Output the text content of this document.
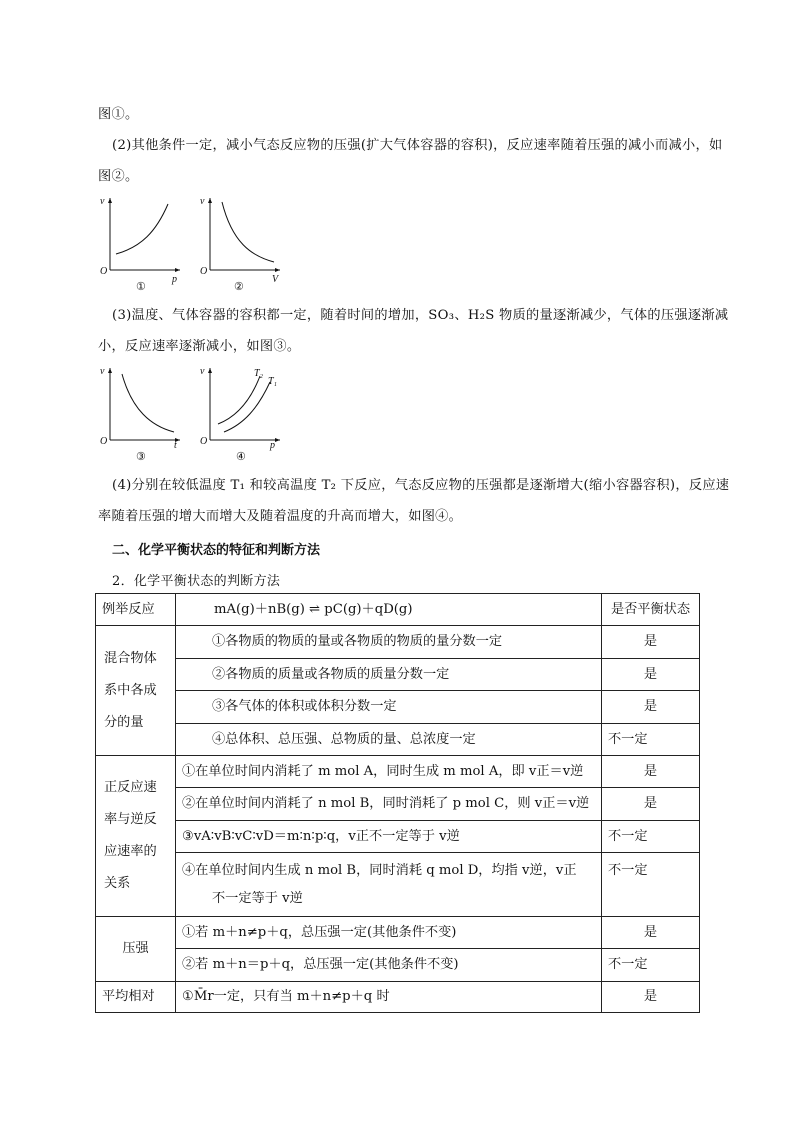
图①。
(2)其他条件一定，减小气态反应物的压强(扩大气体容器的容积)，反应速率随着压强的减小而减小，如
图②。
v
O
p
①
v
O
V
②
(3)温度、气体容器的容积都一定，随着时间的增加，SO₃、H₂S 物质的量逐渐减少，气体的压强逐渐减
小，反应速率逐渐减小，如图③。
v
O	t
③
v
O	p
T₂
T₁
④
(4)分别在较低温度 T₁ 和较高温度 T₂ 下反应，气态反应物的压强都是逐渐增大(缩小容器容积)，反应速
率随着压强的增大而增大及随着温度的升高而增大，如图④。
二、化学平衡状态的特征和判断方法
2．化学平衡状态的判断方法
例举反应	mA(g)＋nB(g) ⇌ pC(g)＋qD(g)	是否平衡状态

混合物体
系中各成
分的量	①各物质的物质的量或各物质的物质的量分数一定	是
	②各物质的质量或各物质的质量分数一定	是
	③各气体的体积或体积分数一定	是
	④总体积、总压强、总物质的量、总浓度一定	不一定

正反应速
率与逆反
应速率的
关系	①在单位时间内消耗了 m mol A，同时生成 m mol A，即 v正＝v逆	是
	②在单位时间内消耗了 n mol B，同时消耗了 p mol C，则 v正＝v逆	是
	③vA∶vB∶vC∶vD＝m∶n∶p∶q，v正不一定等于 v逆	不一定

	④在单位时间内生成 n mol B，同时消耗 q mol D，均指 v逆，v正
不一定等于 v逆	不一定
压强	①若 m＋n≠p＋q，总压强一定(其他条件不变)	是
	②若 m＋n＝p＋q，总压强一定(其他条件不变)	不一定
平均相对	①M̄r一定，只有当 m＋n≠p＋q 时	是
